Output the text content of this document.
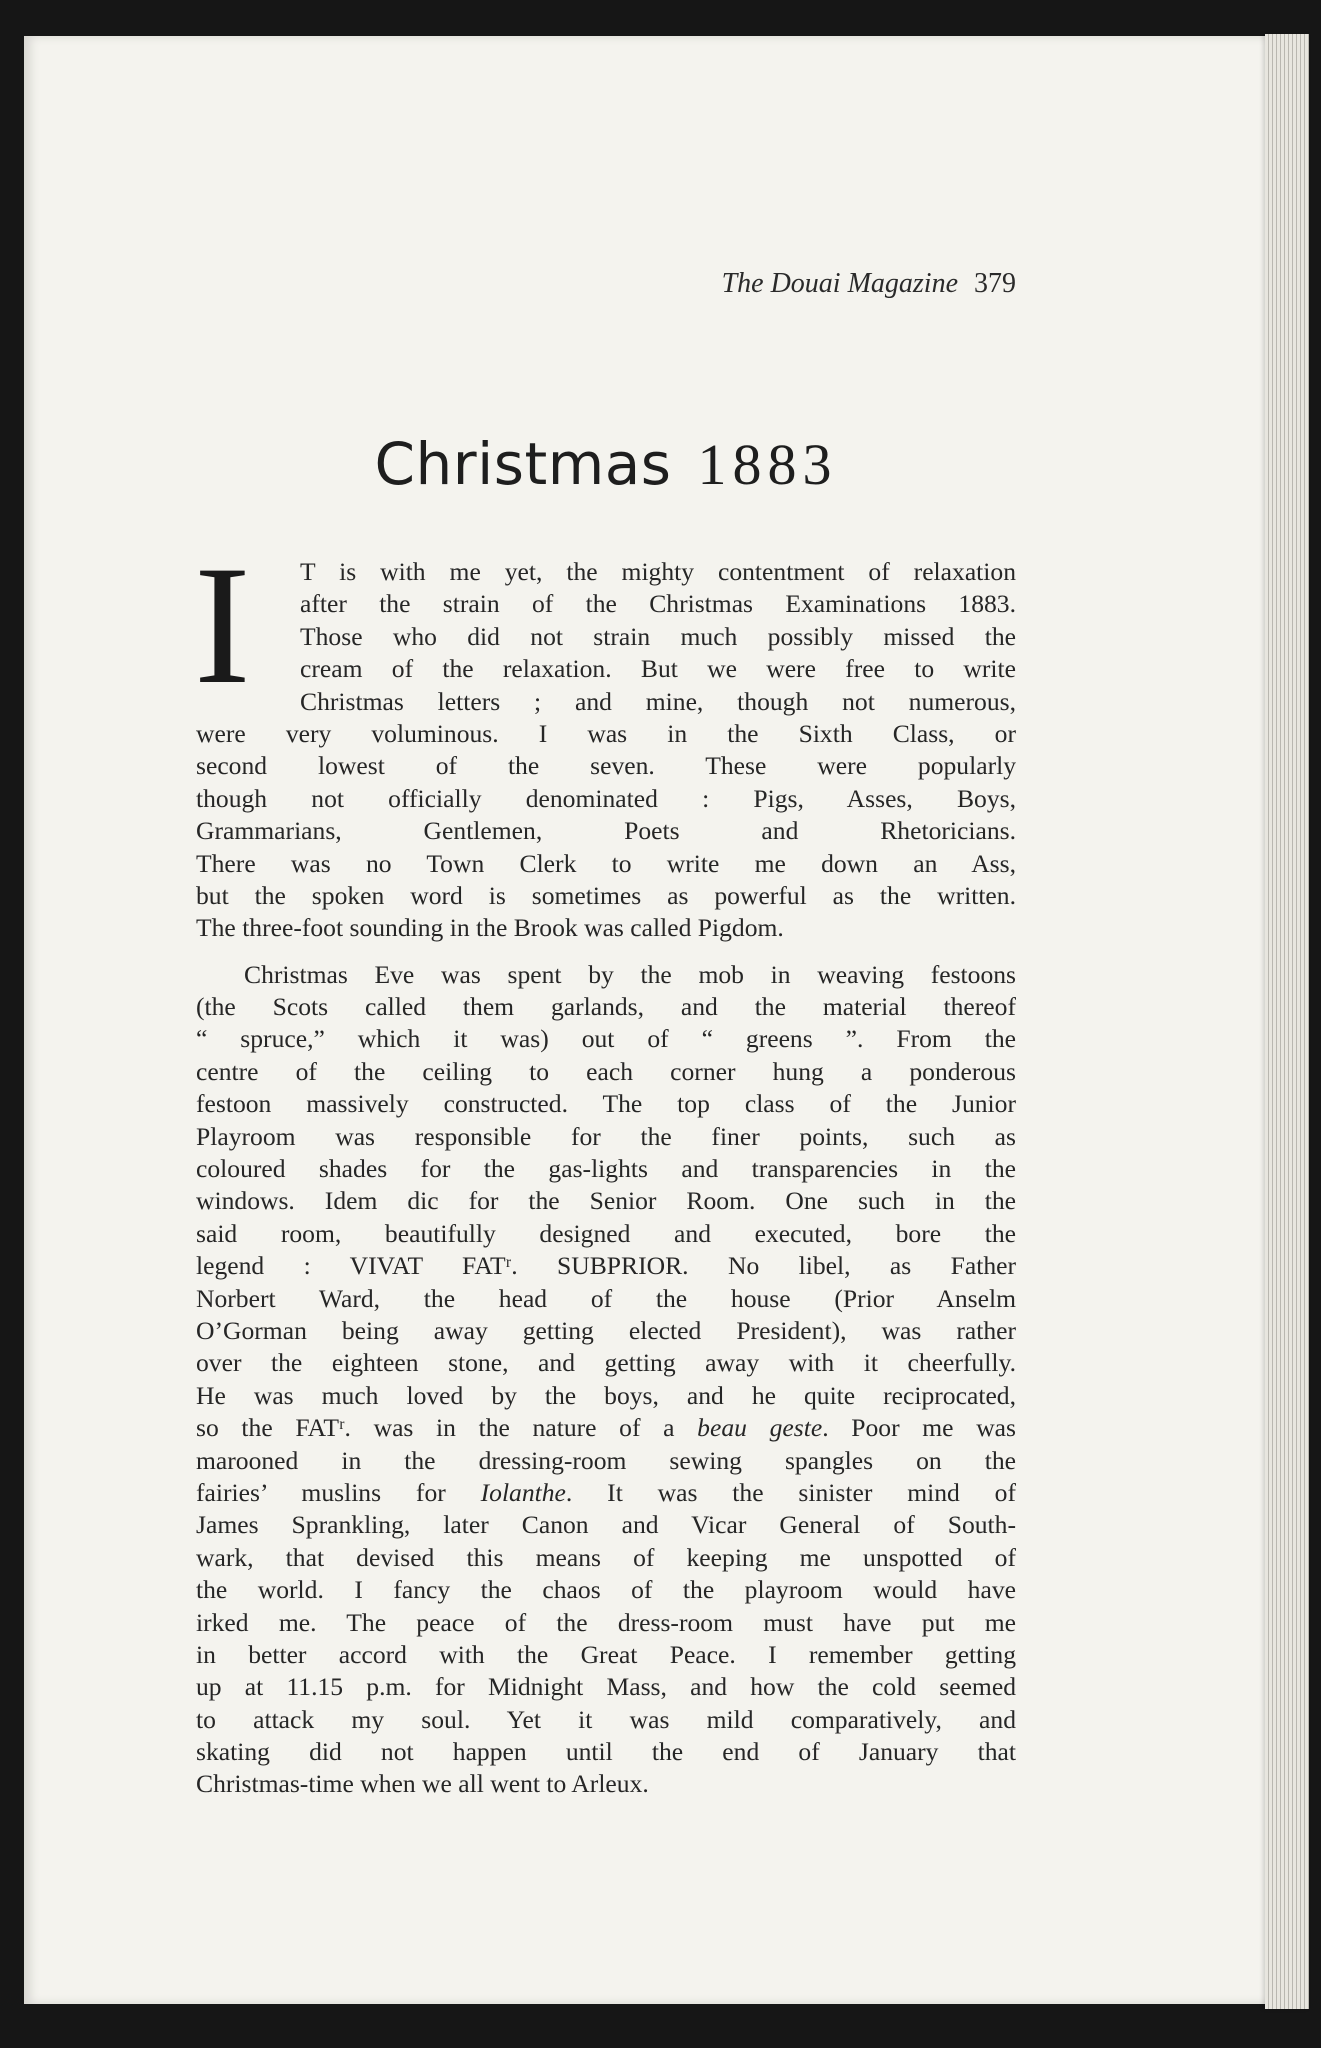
The Douai Magazine 379
Christmas 1883
I	T is with me yet, the mighty contentment of relaxation
after the strain of the Christmas Examinations 1883.
Those who did not strain much possibly missed the
cream of the relaxation. But we were free to write
Christmas letters ; and mine, though not numerous,
were very voluminous. I was in the Sixth Class, or
second lowest of the seven. These were popularly
though not officially denominated : Pigs, Asses, Boys,
Grammarians, Gentlemen, Poets and Rhetoricians.
There was no Town Clerk to write me down an Ass,
but the spoken word is sometimes as powerful as the written.
The three-foot sounding in the Brook was called Pigdom.
Christmas Eve was spent by the mob in weaving festoons
(the Scots called them garlands, and the material thereof
“ spruce,” which it was) out of “ greens ”. From the
centre of the ceiling to each corner hung a ponderous
festoon massively constructed. The top class of the Junior
Playroom was responsible for the finer points, such as
coloured shades for the gas-lights and transparencies in the
windows. Idem dic for the Senior Room. One such in the
said room, beautifully designed and executed, bore the
legend : VIVAT FATʳ. SUBPRIOR. No libel, as Father
Norbert Ward, the head of the house (Prior Anselm
O’Gorman being away getting elected President), was rather
over the eighteen stone, and getting away with it cheerfully.
He was much loved by the boys, and he quite reciprocated,
so the FATʳ. was in the nature of a beau geste. Poor me was
marooned in the dressing-room sewing spangles on the
fairies’ muslins for Iolanthe. It was the sinister mind of
James Sprankling, later Canon and Vicar General of South-
wark, that devised this means of keeping me unspotted of
the world. I fancy the chaos of the playroom would have
irked me. The peace of the dress-room must have put me
in better accord with the Great Peace. I remember getting
up at 11.15 p.m. for Midnight Mass, and how the cold seemed
to attack my soul. Yet it was mild comparatively, and
skating did not happen until the end of January that
Christmas-time when we all went to Arleux.
